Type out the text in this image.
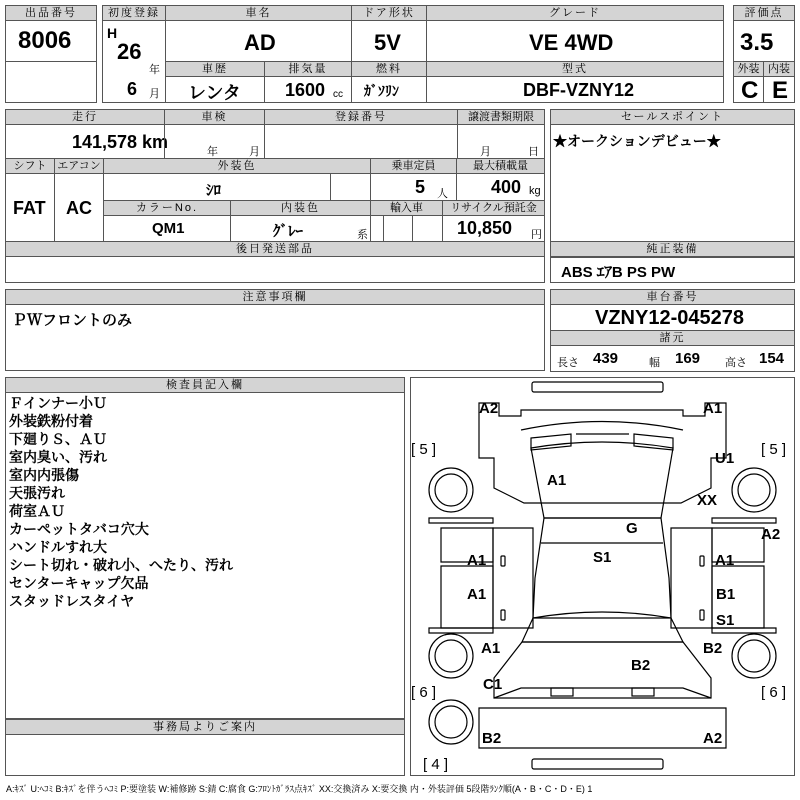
出品番号
8006
初度登録
H
26
年
6 月
車名
AD
ドア形状
5V
グレード
VE 4WD
評価点
3.5
車歴
レンタ
排気量
1600 cc
燃料
ｶﾞｿﾘﾝ
型式
DBF-VZNY12
外装
C
内装
E
走行
141,578 km
車検
年	月
登録番号	譲渡書類期限
月	日
セールスポイント
★オークションデビュー★
シフト
FAT
エアコン
AC
外装色
ｼﾛ
乗車定員
5 人
最大積載量
400 kg
カラーNo.
QM1
内装色
ｸﾞﾚｰ	系
輸入車	リサイクル預託金
10,850 円
後日発送部品	純正装備
ABS ｴｱB PS PW
注意事項欄
ＰＷフロントのみ
車台番号
VZNY12-045278
諸元
長さ 439	幅 169 高さ 154
検査員記入欄
Ｆインナー小Ｕ
外装鉄粉付着
下廻りＳ、ＡＵ
室内臭い、汚れ
室内内張傷
天張汚れ
荷室ＡＵ
カーペットタバコ穴大
ハンドルすれ大
シート切れ・破れ小、へたり、汚れ
センターキャップ欠品
スタッドレスタイヤ
事務局よりご案内
A2	A1
[ 5 ]	[ 5 ]
U1
A1
XX
G	A2
S1
A1	A1
A1	B1
S1
A1	B2
B2
C1
[ 6 ]	[ 6 ]
B2	A2
[ 4 ]
A:ｷｽﾞ U:ﾍｺﾐ B:ｷｽﾞを伴うﾍｺﾐ P:要塗装 W:補修跡 S:錆 C:腐食 G:ﾌﾛﾝﾄｶﾞﾗｽ点ｷｽﾞ XX:交換済み X:要交換 内・外装評価 5段階ﾗﾝｸ順(A・B・C・D・E) 1
